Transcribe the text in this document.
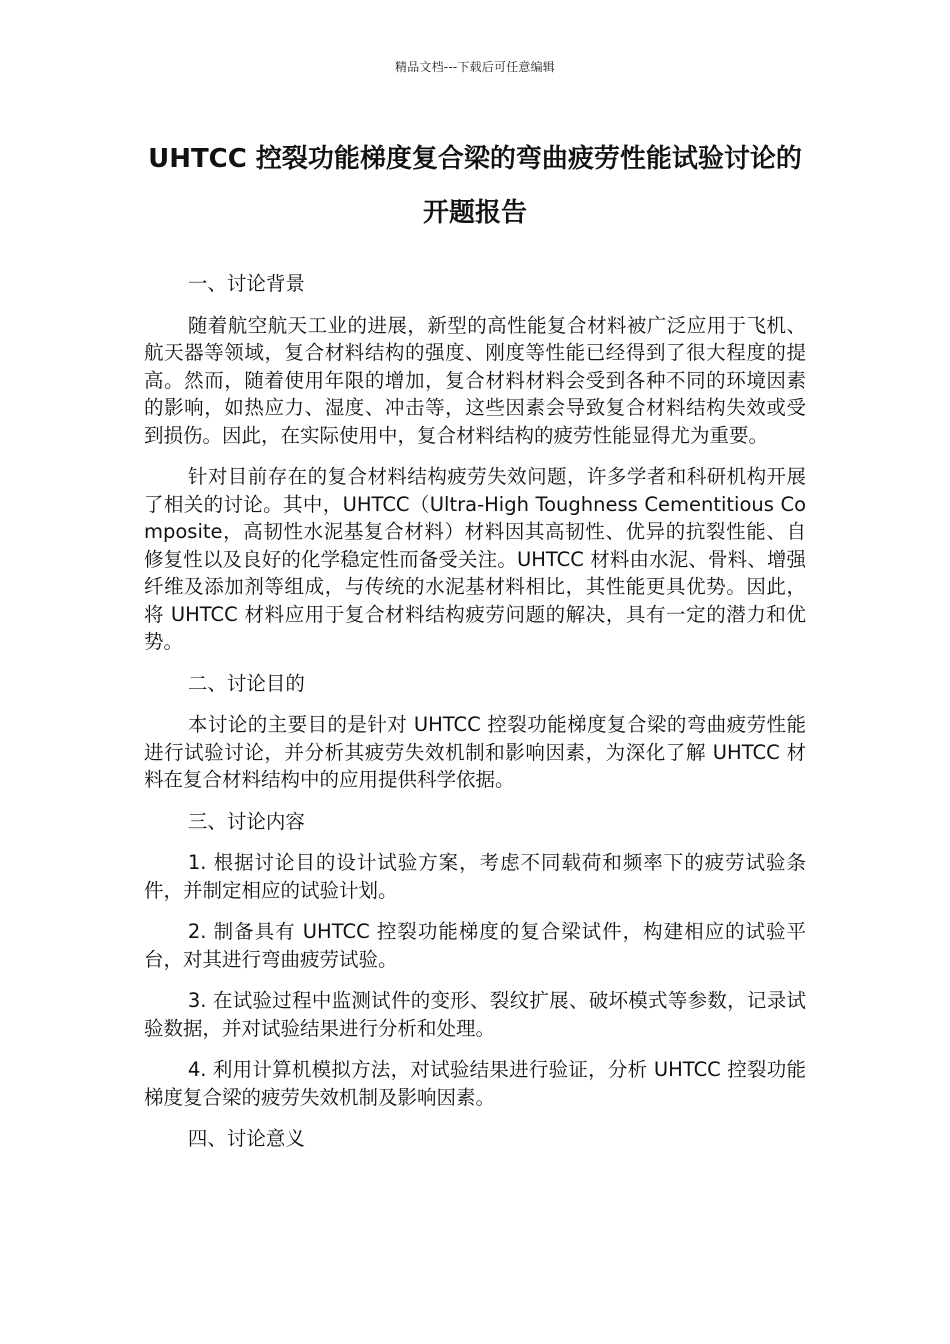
精品文档---下载后可任意编辑
UHTCC 控裂功能梯度复合梁的弯曲疲劳性能试验讨论的开题报告

一、讨论背景

随着航空航天工业的进展，新型的高性能复合材料被广泛应用于飞机、航天器等领域，复合材料结构的强度、刚度等性能已经得到了很大程度的提高。然而，随着使用年限的增加，复合材料材料会受到各种不同的环境因素的影响，如热应力、湿度、冲击等，这些因素会导致复合材料结构失效或受到损伤。因此，在实际使用中，复合材料结构的疲劳性能显得尤为重要。

针对目前存在的复合材料结构疲劳失效问题，许多学者和科研机构开展了相关的讨论。其中，UHTCC（Ultra-High Toughness Cementitious Composite，高韧性水泥基复合材料）材料因其高韧性、优异的抗裂性能、自修复性以及良好的化学稳定性而备受关注。UHTCC 材料由水泥、骨料、增强纤维及添加剂等组成，与传统的水泥基材料相比，其性能更具优势。因此，将 UHTCC 材料应用于复合材料结构疲劳问题的解决，具有一定的潜力和优势。

二、讨论目的

本讨论的主要目的是针对 UHTCC 控裂功能梯度复合梁的弯曲疲劳性能进行试验讨论，并分析其疲劳失效机制和影响因素，为深化了解 UHTCC 材料在复合材料结构中的应用提供科学依据。

三、讨论内容

1. 根据讨论目的设计试验方案，考虑不同载荷和频率下的疲劳试验条件，并制定相应的试验计划。

2. 制备具有 UHTCC 控裂功能梯度的复合梁试件，构建相应的试验平台，对其进行弯曲疲劳试验。

3. 在试验过程中监测试件的变形、裂纹扩展、破坏模式等参数，记录试验数据，并对试验结果进行分析和处理。

4. 利用计算机模拟方法，对试验结果进行验证，分析 UHTCC 控裂功能梯度复合梁的疲劳失效机制及影响因素。

四、讨论意义
